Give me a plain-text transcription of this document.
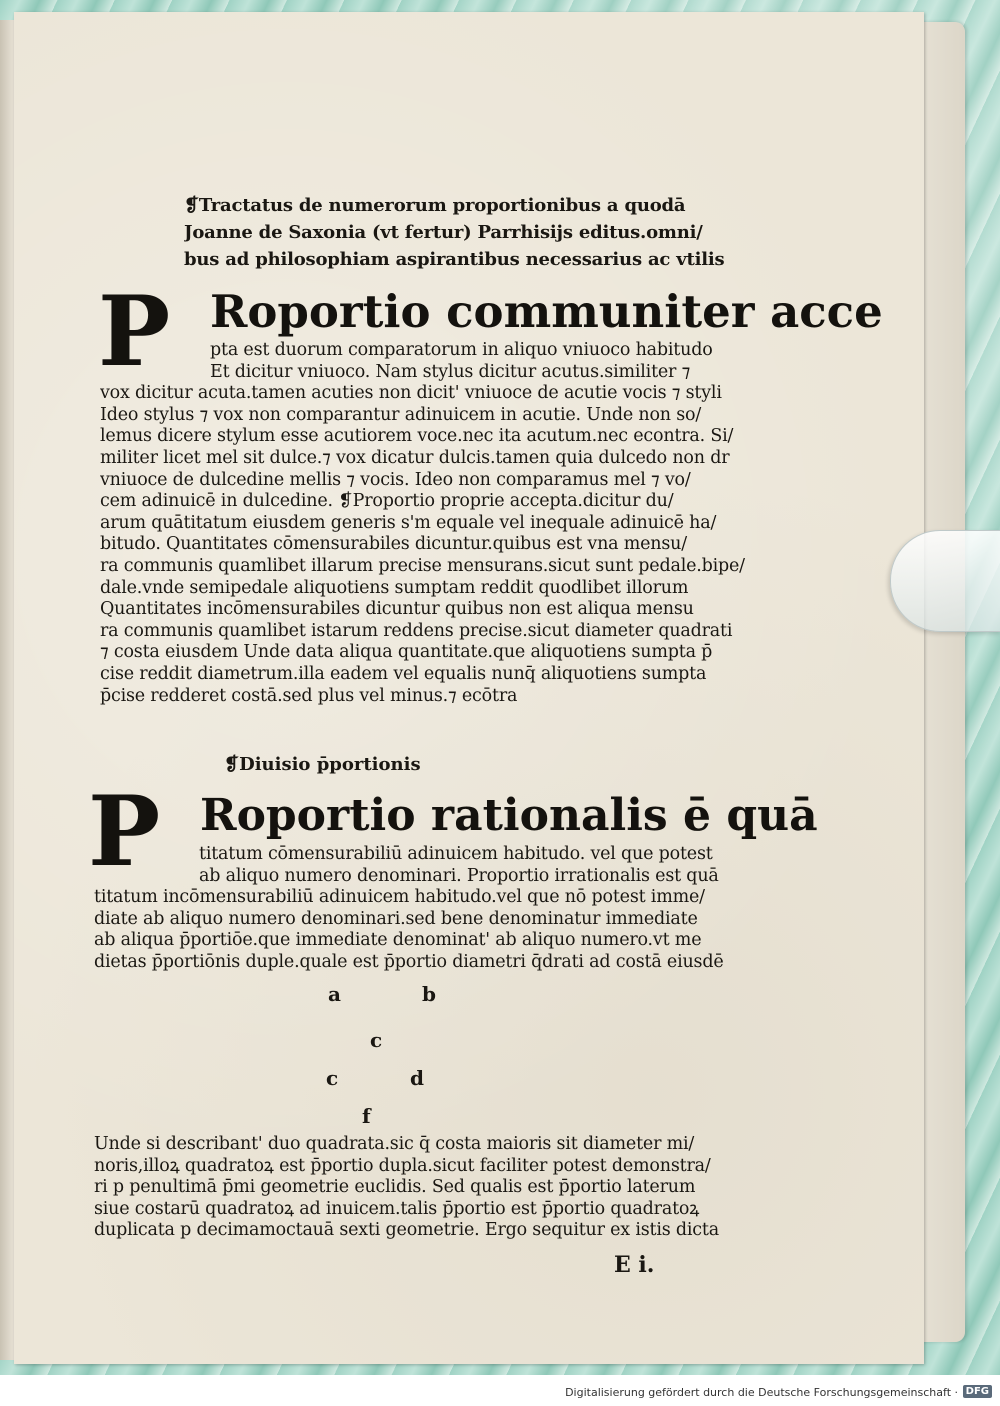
❡Tractatus de numerorum proportionibus a quodā
Joanne de Saxonia (vt fertur) Parrhisijs editus.omni/
bus ad philosophiam aspirantibus necessarius ac vtilis
P Roportio communiter acce
pta est duorum comparatorum in aliquo vniuoco habitudo
Et dicitur vniuoco. Nam stylus dicitur acutus.similiter ⁊
vox dicitur acuta.tamen acuties non dicit' vniuoce de acutie vocis ⁊ styli
Ideo stylus ⁊ vox non comparantur adinuicem in acutie. Unde non so/
lemus dicere stylum esse acutiorem voce.nec ita acutum.nec econtra. Si/
militer licet mel sit dulce.⁊ vox dicatur dulcis.tamen quia dulcedo non dr
vniuoce de dulcedine mellis ⁊ vocis. Ideo non comparamus mel ⁊ vo/
cem adinuicē in dulcedine. ❡Proportio proprie accepta.dicitur du/
arum quātitatum eiusdem generis s'm equale vel inequale adinuicē ha/
bitudo. Quantitates cōmensurabiles dicuntur.quibus est vna mensu/
ra communis quamlibet illarum precise mensurans.sicut sunt pedale.bipe/
dale.vnde semipedale aliquotiens sumptam reddit quodlibet illorum
Quantitates incōmensurabiles dicuntur quibus non est aliqua mensu
ra communis quamlibet istarum reddens precise.sicut diameter quadrati
⁊ costa eiusdem Unde data aliqua quantitate.que aliquotiens sumpta p̄
cise reddit diametrum.illa eadem vel equalis nunq̄ aliquotiens sumpta
p̄cise redderet costā.sed plus vel minus.⁊ ecōtra
❡Diuisio p̄portionis
P Roportio rationalis ē quā
titatum cōmensurabiliū adinuicem habitudo. vel que potest
ab aliquo numero denominari. Proportio irrationalis est quā
titatum incōmensurabiliū adinuicem habitudo.vel que nō potest imme/
diate ab aliquo numero denominari.sed bene denominatur immediate
ab aliqua p̄portiōe.que immediate denominat' ab aliquo numero.vt me
dietas p̄portiōnis duple.quale est p̄portio diametri q̄drati ad costā eiusdē
a	b
c
c	d
f
Unde si describant' duo quadrata.sic q̄ costa maioris sit diameter mi/
noris,illoꝝ quadratoꝝ est p̄portio dupla.sicut faciliter potest demonstra/
ri p penultimā p̄mi geometrie euclidis. Sed qualis est p̄portio laterum
siue costarū quadratoꝝ ad inuicem.talis p̄portio est p̄portio quadratoꝝ
duplicata p decimamoctauā sexti geometrie. Ergo sequitur ex istis dicta
E i.
Digitalisierung gefördert durch die Deutsche Forschungsgemeinschaft · DFG
